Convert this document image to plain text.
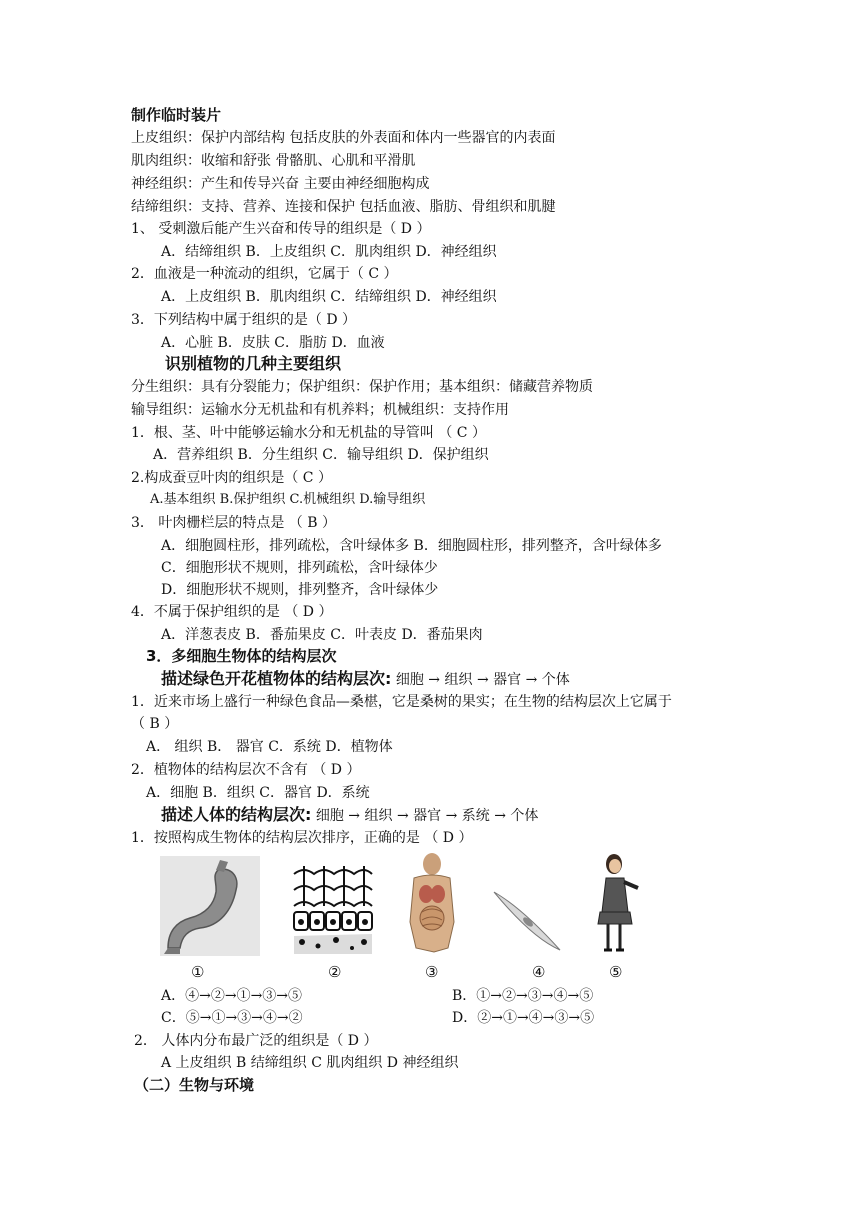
制作临时装片
上皮组织：保护内部结构 包括皮肤的外表面和体内一些器官的内表面
肌肉组织：收缩和舒张 骨骼肌、心肌和平滑肌
神经组织：产生和传导兴奋 主要由神经细胞构成
结缔组织：支持、营养、连接和保护 包括血液、脂肪、骨组织和肌腱
1、 受刺激后能产生兴奋和传导的组织是（ D ）
A．结缔组织 B．上皮组织 C．肌肉组织 D．神经组织
2．血液是一种流动的组织，它属于（ C ）
A．上皮组织 B．肌肉组织 C．结缔组织 D．神经组织
3．下列结构中属于组织的是（ D ）
A．心脏 B．皮肤 C．脂肪 D．血液
识别植物的几种主要组织
分生组织：具有分裂能力；保护组织：保护作用；基本组织：储藏营养物质
输导组织：运输水分无机盐和有机养料；机械组织：支持作用
1．根、茎、叶中能够运输水分和无机盐的导管叫 （ C ）
A．营养组织 B．分生组织 C．输导组织 D．保护组织
2.构成蚕豆叶肉的组织是（ C ）
A.基本组织 B.保护组织 C.机械组织 D.输导组织
3． 叶肉栅栏层的特点是 （ B ）
A．细胞圆柱形，排列疏松，含叶绿体多 B．细胞圆柱形，排列整齐，含叶绿体多
C．细胞形状不规则，排列疏松，含叶绿体少
D．细胞形状不规则，排列整齐，含叶绿体少
4．不属于保护组织的是 （ D ）
A．洋葱表皮 B．番茄果皮 C．叶表皮 D．番茄果肉
3．多细胞生物体的结构层次
描述绿色开花植物体的结构层次: 细胞 → 组织 → 器官 → 个体
1．近来市场上盛行一种绿色食品—桑椹，它是桑树的果实；在生物的结构层次上它属于
（ B ）
A． 组织 B． 器官 C．系统 D．植物体
2．植物体的结构层次不含有 （ D ）
A．细胞 B．组织 C．器官 D．系统
描述人体的结构层次: 细胞 → 组织 → 器官 → 系统 → 个体
1．按照构成生物体的结构层次排序，正确的是 （ D ）
①	②	③	④	⑤
A．④→②→①→③→⑤	B．①→②→③→④→⑤
C．⑤→①→③→④→②	D．②→①→④→③→⑤
2． 人体内分布最广泛的组织是（ D ）
A 上皮组织 B 结缔组织 C 肌肉组织 D 神经组织
（二）生物与环境
